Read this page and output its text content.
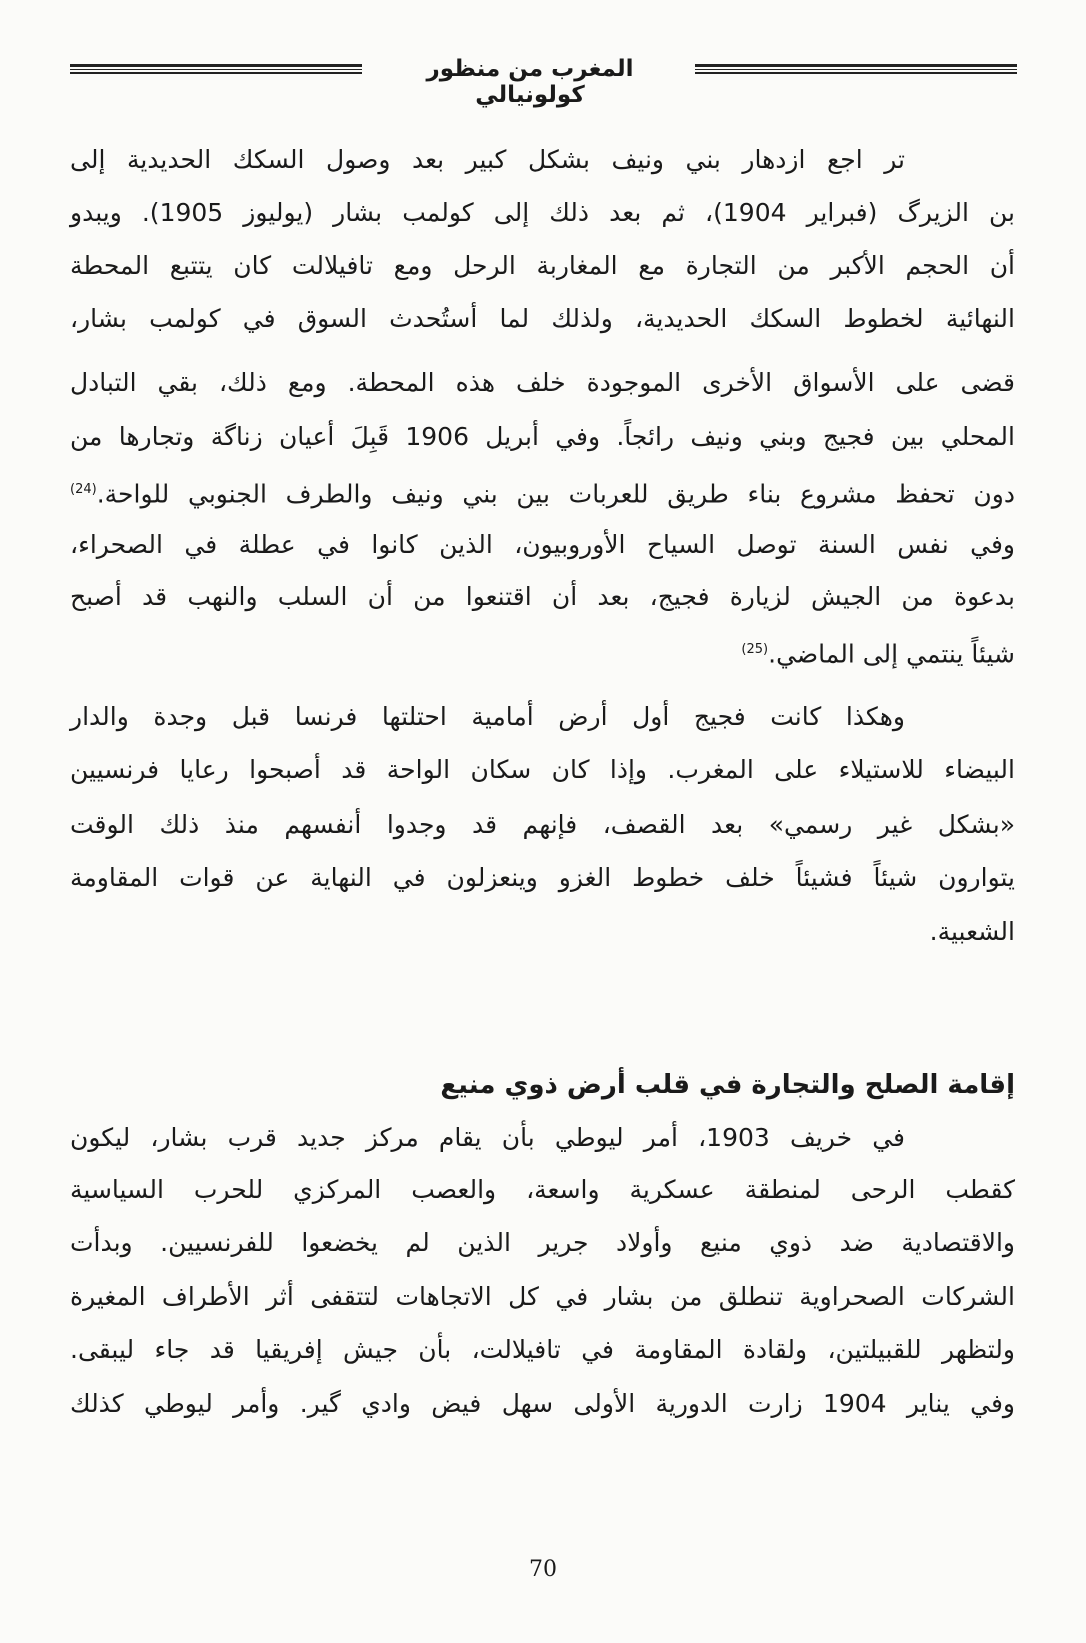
المغرب من منظور كولونيالي
تر اجع ازدهار بني ونيف بشكل كبير بعد وصول السكك الحديدية إلى
بن الزيرگ (فبراير 1904)، ثم بعد ذلك إلى كولمب بشار (يوليوز 1905). ويبدو
أن الحجم الأكبر من التجارة مع المغاربة الرحل ومع تافيلالت كان يتتبع المحطة
النهائية لخطوط السكك الحديدية، ولذلك لما أستُحدث السوق في كولمب بشار،
قضى على الأسواق الأخرى الموجودة خلف هذه المحطة. ومع ذلك، بقي التبادل
المحلي بين فجيج وبني ونيف رائجاً. وفي أبريل 1906 قَبِلَ أعيان زناگة وتجارها من
دون تحفظ مشروع بناء طريق للعربات بين بني ونيف والطرف الجنوبي للواحة.$^{(24)}$
وفي نفس السنة توصل السياح الأوروبيون، الذين كانوا في عطلة في الصحراء،
بدعوة من الجيش لزيارة فجيج، بعد أن اقتنعوا من أن السلب والنهب قد أصبح
شيئاً ينتمي إلى الماضي.$^{(25)}$
وهكذا كانت فجيج أول أرض أمامية احتلتها فرنسا قبل وجدة والدار
البيضاء للاستيلاء على المغرب. وإذا كان سكان الواحة قد أصبحوا رعايا فرنسيين
«بشكل غير رسمي» بعد القصف، فإنهم قد وجدوا أنفسهم منذ ذلك الوقت
يتوارون شيئاً فشيئاً خلف خطوط الغزو وينعزلون في النهاية عن قوات المقاومة
الشعبية.
إقامة الصلح والتجارة في قلب أرض ذوي منيع
في خريف 1903، أمر ليوطي بأن يقام مركز جديد قرب بشار، ليكون
كقطب الرحى لمنطقة عسكرية واسعة، والعصب المركزي للحرب السياسية
والاقتصادية ضد ذوي منيع وأولاد جرير الذين لم يخضعوا للفرنسيين. وبدأت
الشركات الصحراوية تنطلق من بشار في كل الاتجاهات لتتقفى أثر الأطراف المغيرة
ولتظهر للقبيلتين، ولقادة المقاومة في تافيلالت، بأن جيش إفريقيا قد جاء ليبقى.
وفي يناير 1904 زارت الدورية الأولى سهل فيض وادي گير. وأمر ليوطي كذلك
70
